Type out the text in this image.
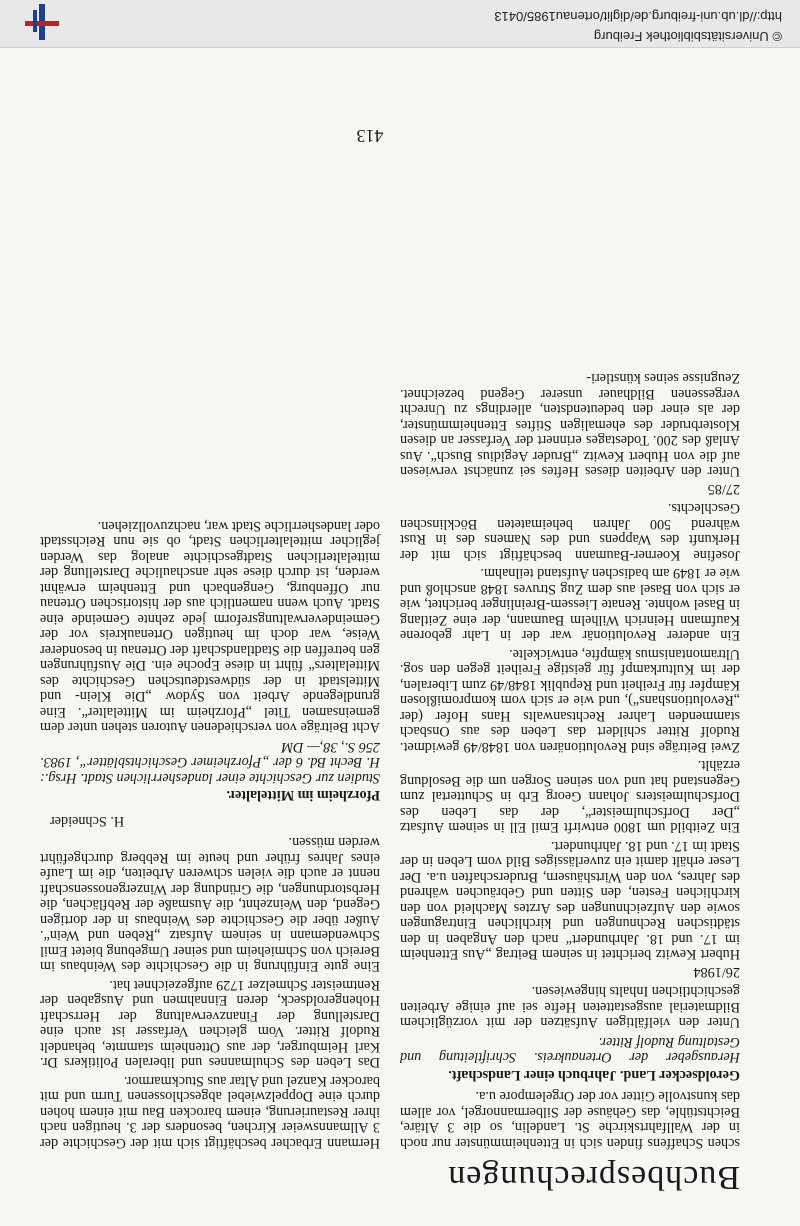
© Universitätsbibliothek Freiburg
http://dl.ub.uni-freiburg.de/diglit/ortenau1985/0413
Buchbesprechungen

schen Schaffens finden sich in Ettenheimmünster nur noch in der Wallfahrtskirche St. Landelin, so die 3 Altäre, Beichtstühle, das Gehäuse der Silbermannorgel, vor allem das kunstvolle Gitter vor der Orgelempore u.a.

Geroldsecker Land. Jahrbuch einer Landschaft.

Herausgeber der Ortenaukreis. Schriftleitung und Gestaltung Rudolf Ritter.

Unter den vielfältigen Aufsätzen der mit vorzüglichem Bildmaterial ausgestatteten Hefte sei auf einige Arbeiten geschichtlichen Inhalts hingewiesen.

26/1984

Hubert Kewitz berichtet in seinem Beitrag „Aus Ettenheim im 17. und 18. Jahrhundert“ nach den Angaben in den städtischen Rechnungen und kirchlichen Eintragungen sowie den Aufzeichnungen des Arztes Machleid von den kirchlichen Festen, den Sitten und Gebräuchen während des Jahres, von den Wirtshäusern, Bruderschaften u.a. Der Leser erhält damit ein zuverlässiges Bild vom Leben in der Stadt im 17. und 18. Jahrhundert.

Ein Zeitbild um 1800 entwirft Emil Ell in seinem Aufsatz „Der Dorfschulmeister“, der das Leben des Dorfschulmeisters Johann Georg Erb in Schuttertal zum Gegenstand hat und von seinen Sorgen um die Besoldung erzählt.

Zwei Beiträge sind Revolutionären von 1848/49 gewidmet. Rudolf Ritter schildert das Leben des aus Onsbach stammenden Lahrer Rechtsanwalts Hans Hofer (der „Revolutionshans“), und wie er sich vom kompromißlosen Kämpfer für Freiheit und Republik 1848/49 zum Liberalen, der im Kulturkampf für geistige Freiheit gegen den sog. Ultramontanismus kämpfte, entwickelte.

Ein anderer Revolutionär war der in Lahr geborene Kaufmann Heinrich Wilhelm Baumann, der eine Zeitlang in Basel wohnte. Renate Liessem-Breinlinger berichtet, wie er sich von Basel aus dem Zug Struves 1848 anschloß und wie er 1849 am badischen Aufstand teilnahm.

Josefine Koerner-Baumann beschäftigt sich mit der Herkunft des Wappens und des Namens des in Rust während 500 Jahren beheimateten Böcklinschen Geschlechts.

27/85

Unter den Arbeiten dieses Heftes sei zunächst verwiesen auf die von Hubert Kewitz „Bruder Aegidius Busch“. Aus Anlaß des 200. Todestages erinnert der Verfasser an diesen Klosterbruder des ehemaligen Stiftes Ettenheimmünster, der als einer den bedeutendsten, allerdings zu Unrecht vergessenen Bildhauer unserer Gegend bezeichnet. Zeugnisse seines künstleri-

Hermann Erbacher beschäftigt sich mit der Geschichte der 3 Allmannsweier Kirchen, besonders der 3. heutigen nach ihrer Restaurierung, einem barocken Bau mit einem hohen durch eine Doppelzwiebel abgeschlossenen Turm und mit barocker Kanzel und Altar aus Stuckmarmor.

Das Leben des Schulmannes und liberalen Politikers Dr. Karl Heimburger, der aus Ottenheim stammte, behandelt Rudolf Ritter. Vom gleichen Verfasser ist auch eine Darstellung der Finanzverwaltung der Herrschaft Hohengeroldseck, deren Einnahmen und Ausgaben der Rentmeister Schmelzer 1729 aufgezeichnet hat.

Eine gute Einführung in die Geschichte des Weinbaus im Bereich von Schmieheim und seiner Umgebung bietet Emil Schwendemann in seinem Aufsatz „Reben und Wein“. Außer über die Geschichte des Weinbaus in der dortigen Gegend, den Weinzehnt, die Ausmaße der Rebflächen, die Herbstordnungen, die Gründung der Winzergenossenschaft nennt er auch die vielen schweren Arbeiten, die im Laufe eines Jahres früher und heute im Rebberg durchgeführt werden müssen.

H. Schneider

Pforzheim im Mittelalter.

Studien zur Geschichte einer landesherrlichen Stadt. Hrsg.: H. Becht Bd. 6 der „Pforzheimer Geschichtsblätter“, 1983. 256 S., 38,— DM

Acht Beiträge von verschiedenen Autoren stehen unter dem gemeinsamen Titel „Pforzheim im Mittelalter“. Eine grundlegende Arbeit von Sydow „Die Klein- und Mittelstadt in der südwestdeutschen Geschichte des Mittelalters“ führt in diese Epoche ein. Die Ausführungen gen betreffen die Stadtlandschaft der Ortenau in besonderer Weise, war doch im heutigen Ortenaukreis vor der Gemeindeverwaltungsreform jede zehnte Gemeinde eine Stadt. Auch wenn namentlich aus der historischen Ortenau nur Offenburg, Gengenbach und Ettenheim erwähnt werden, ist durch diese sehr anschauliche Darstellung der mittelalterlichen Stadtgeschichte analog das Werden jeglicher mittelalterlichen Stadt, ob sie nun Reichsstadt oder landesherrliche Stadt war, nachzuvollziehen.

413
